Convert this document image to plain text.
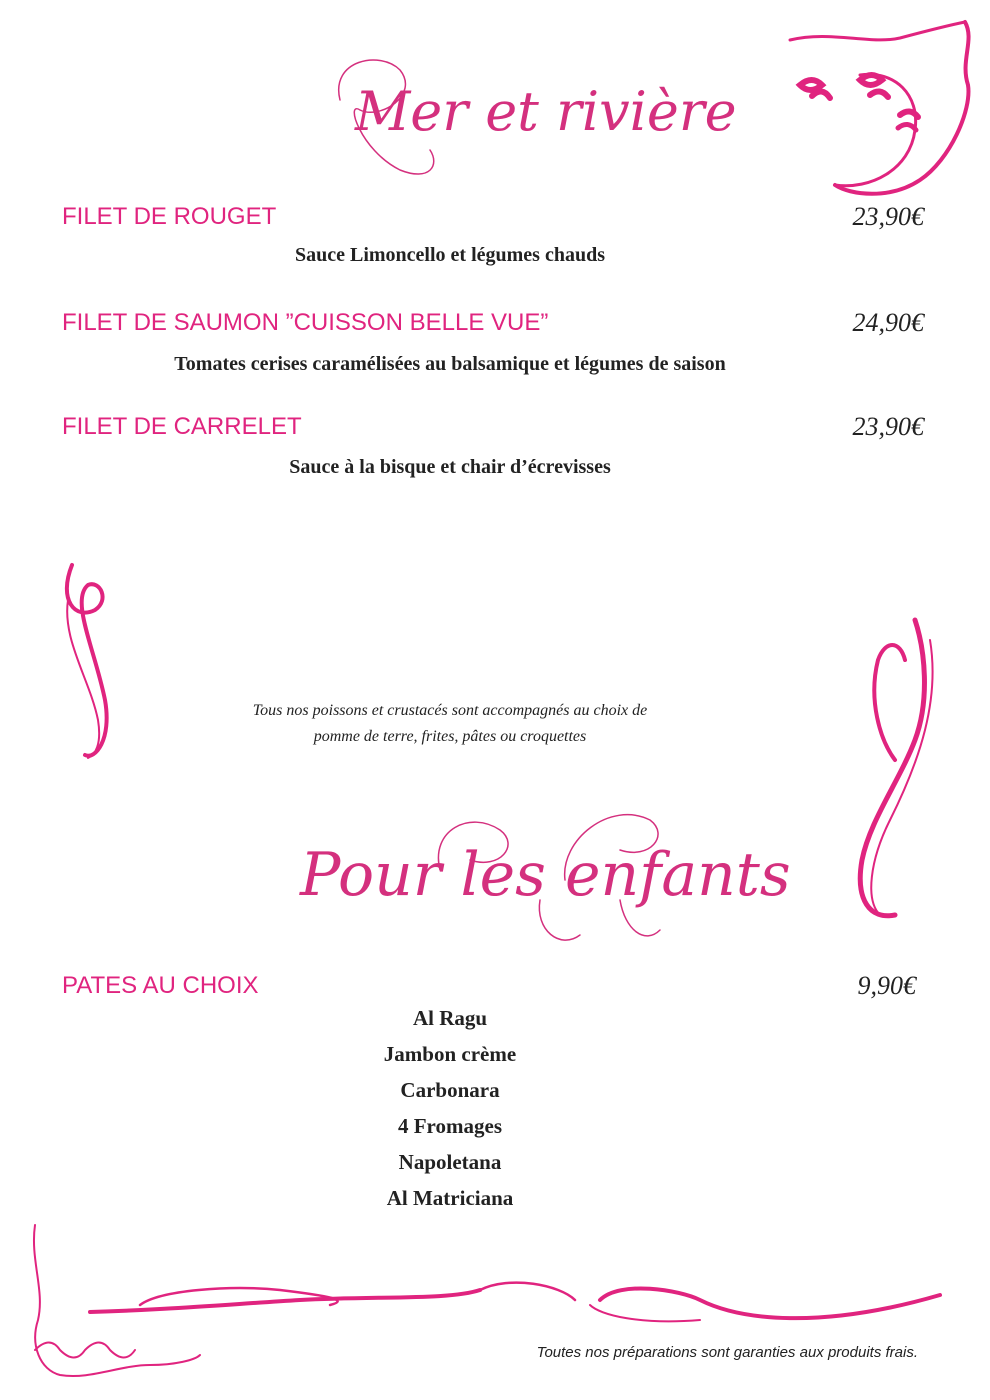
Mer et rivière
FILET DE ROUGET	23,90€
Sauce Limoncello et légumes chauds
FILET DE SAUMON ”CUISSON BELLE VUE”	24,90€
Tomates cerises caramélisées au balsamique et légumes de saison
FILET DE CARRELET	23,90€
Sauce à la bisque et chair d’écrevisses
Tous nos poissons et crustacés sont accompagnés au choix de
pomme de terre, frites, pâtes ou croquettes
Pour les enfants
PATES AU CHOIX	9,90€
Al Ragu
Jambon crème
Carbonara
4 Fromages
Napoletana
Al Matriciana
Toutes nos préparations sont garanties aux produits frais.
